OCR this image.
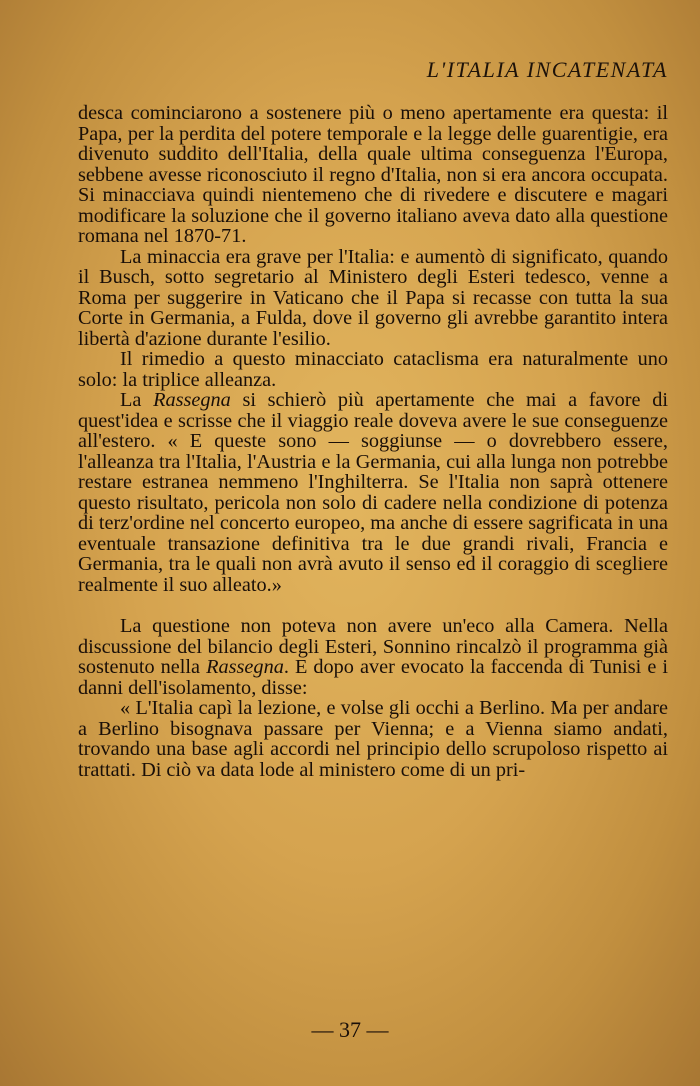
L'ITALIA INCATENATA

desca cominciarono a sostenere più o meno apertamente era questa: il Papa, per la perdita del potere temporale e la legge delle guarentigie, era divenuto suddito dell'Italia, della quale ultima conseguenza l'Europa, sebbene avesse riconosciuto il regno d'Italia, non si era ancora occupata. Si minacciava quindi nientemeno che di rivedere e discutere e magari modificare la soluzione che il governo italiano aveva dato alla questione romana nel 1870-71.

La minaccia era grave per l'Italia: e aumentò di significato, quando il Busch, sotto segretario al Ministero degli Esteri tedesco, venne a Roma per suggerire in Vaticano che il Papa si recasse con tutta la sua Corte in Germania, a Fulda, dove il governo gli avrebbe garantito intera libertà d'azione durante l'esilio.

Il rimedio a questo minacciato cataclisma era naturalmente uno solo: la triplice alleanza.

La Rassegna si schierò più apertamente che mai a favore di quest'idea e scrisse che il viaggio reale doveva avere le sue conseguenze all'estero. « E queste sono — soggiunse — o dovrebbero essere, l'alleanza tra l'Italia, l'Austria e la Germania, cui alla lunga non potrebbe restare estranea nemmeno l'Inghilterra. Se l'Italia non saprà ottenere questo risultato, pericola non solo di cadere nella condizione di potenza di terz'ordine nel concerto europeo, ma anche di essere sagrificata in una eventuale transazione definitiva tra le due grandi rivali, Francia e Germania, tra le quali non avrà avuto il senso ed il coraggio di scegliere realmente il suo alleato.»

La questione non poteva non avere un'eco alla Camera. Nella discussione del bilancio degli Esteri, Sonnino rincalzò il programma già sostenuto nella Rassegna. E dopo aver evocato la faccenda di Tunisi e i danni dell'isolamento, disse:

« L'Italia capì la lezione, e volse gli occhi a Berlino. Ma per andare a Berlino bisognava passare per Vienna; e a Vienna siamo andati, trovando una base agli accordi nel principio dello scrupoloso rispetto ai trattati. Di ciò va data lode al ministero come di un pri-

— 37 —
